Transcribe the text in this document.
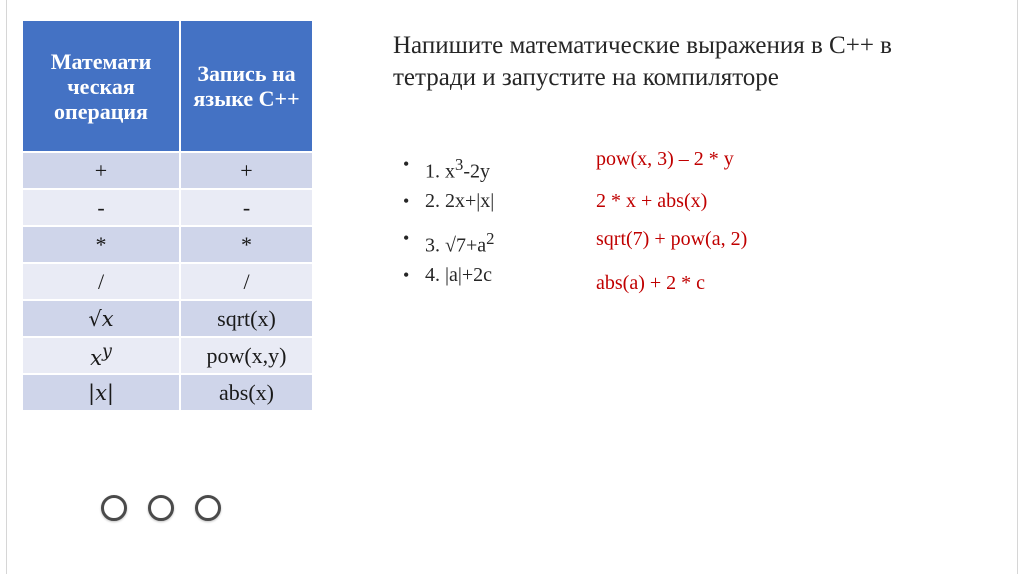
Математи ческая операция	Запись на языке C++
+	+
-	-
*	*
/	/
√x	sqrt(x)
$x^y$	pow(x,y)
|x|	abs(x)
Напишите математические выражения в C++ в тетради и запустите на компиляторе
• 1. $x^3-2y$
• 2. 2x+|x|
• 3. $√7+a^2$
• 4. |a|+2c
pow(x, 3) – 2 * y
2 * x + abs(x)
sqrt(7) + pow(a, 2)
abs(a) + 2 * c
